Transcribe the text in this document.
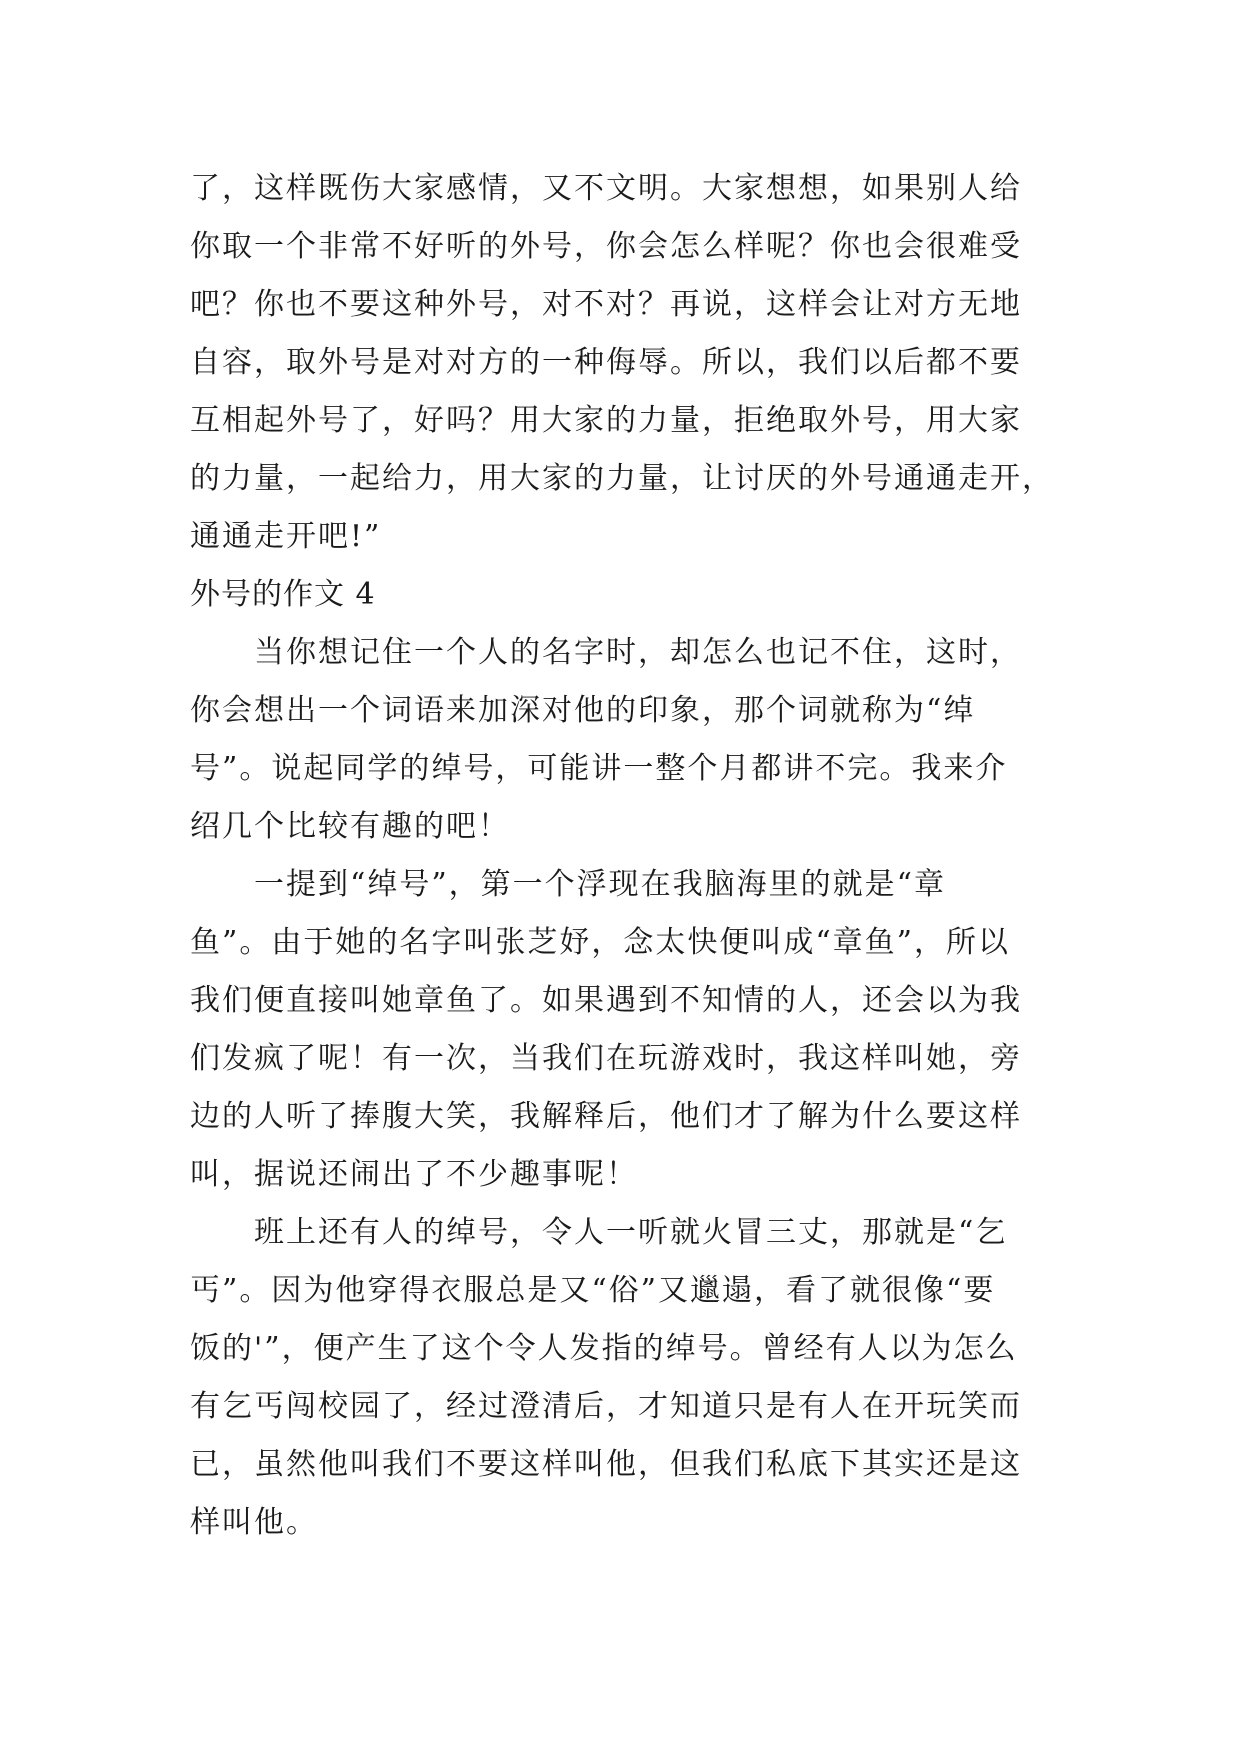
了，这样既伤大家感情，又不文明。大家想想，如果别人给
你取一个非常不好听的外号，你会怎么样呢？你也会很难受
吧？你也不要这种外号，对不对？再说，这样会让对方无地
自容，取外号是对对方的一种侮辱。所以，我们以后都不要
互相起外号了，好吗？用大家的力量，拒绝取外号，用大家
的力量，一起给力，用大家的力量，让讨厌的外号通通走开，
通通走开吧!”
外号的作文 4
当你想记住一个人的名字时，却怎么也记不住，这时，
你会想出一个词语来加深对他的印象，那个词就称为“绰
号”。说起同学的绰号，可能讲一整个月都讲不完。我来介
绍几个比较有趣的吧！
一提到“绰号”，第一个浮现在我脑海里的就是“章
鱼”。由于她的名字叫张芝妤，念太快便叫成“章鱼”，所以
我们便直接叫她章鱼了。如果遇到不知情的人，还会以为我
们发疯了呢！有一次，当我们在玩游戏时，我这样叫她，旁
边的人听了捧腹大笑，我解释后，他们才了解为什么要这样
叫，据说还闹出了不少趣事呢！
班上还有人的绰号，令人一听就火冒三丈，那就是“乞
丐”。因为他穿得衣服总是又“俗”又邋遢，看了就很像“要
饭的'”，便产生了这个令人发指的绰号。曾经有人以为怎么
有乞丐闯校园了，经过澄清后，才知道只是有人在开玩笑而
已，虽然他叫我们不要这样叫他，但我们私底下其实还是这
样叫他。
